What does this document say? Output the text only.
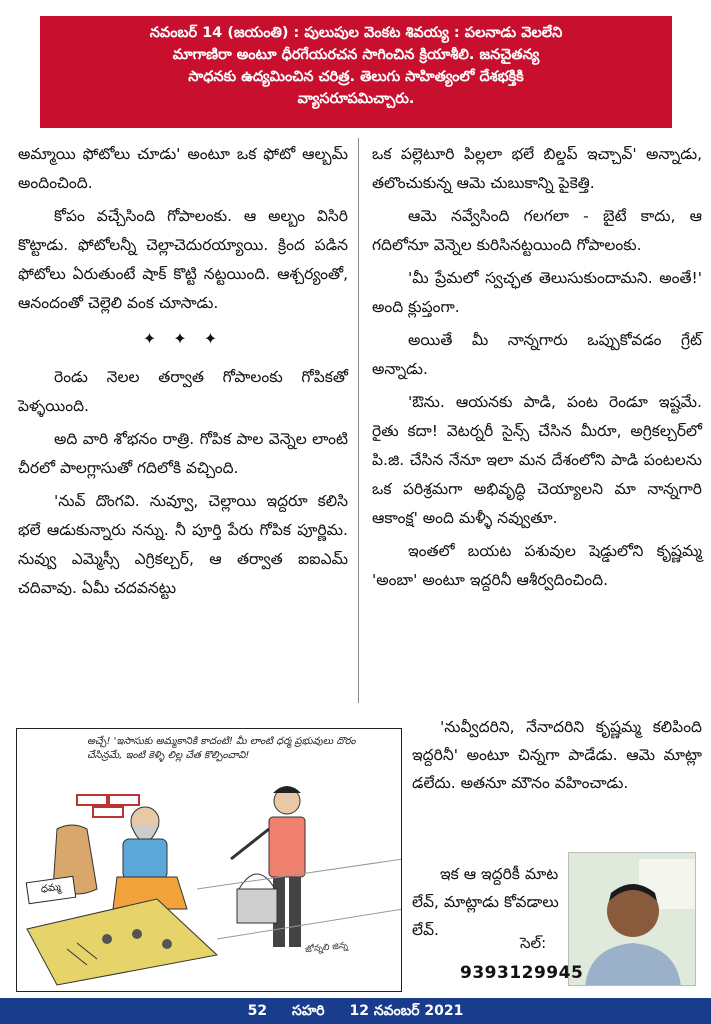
నవంబర్ 14 (జయంతి) : పులుపుల వెంకట శివయ్య : పలనాడు వెలలేని
మాగాణిరా అంటూ ధీరగేయరచన సాగించిన క్రియాశీలి. జనచైతన్య
సాధనకు ఉద్యమించిన చరిత్ర. తెలుగు సాహిత్యంలో దేశభక్తికి
వ్యాసరూపమిచ్చారు.

అమ్మాయి ఫోటోలు చూడు' అంటూ ఒక ఫోటో ఆల్బమ్ అందించింది.

కోపం వచ్చేసింది గోపాలంకు. ఆ అల్బం విసిరి కొట్టాడు. ఫోటోలన్నీ చెల్లాచెదురయ్యాయి. క్రింద పడిన ఫోటోలు ఏరుతుంటే షాక్ కొట్టి నట్టయింది. ఆశ్చర్యంతో, ఆనందంతో చెల్లెలి వంక చూసాడు.

✦ ✦ ✦

రెండు నెలల తర్వాత గోపాలంకు గోపికతో పెళ్ళయింది.

అది వారి శోభనం రాత్రి. గోపిక పాల వెన్నెల లాంటి చీరలో పాలగ్లాసుతో గదిలోకి వచ్చింది.

'నువ్ దొంగవి. నువ్వూ, చెల్లాయి ఇద్దరూ కలిసి భలే ఆడుకున్నారు నన్ను. నీ పూర్తి పేరు గోపిక పూర్ణిమ. నువ్వు ఎమ్మెస్సీ ఎగ్రికల్చర్, ఆ తర్వాత ఐఐఎమ్ చదివావు. ఏమీ చదవనట్టు

ఒక పల్లెటూరి పిల్లలా భలే బిల్డప్ ఇచ్చావ్' అన్నాడు, తలొంచుకున్న ఆమె చుబుకాన్ని పైకెత్తి.

ఆమె నవ్వేసింది గలగలా - బైటే కాదు, ఆ గదిలోనూ వెన్నెల కురిసినట్టయింది గోపాలంకు.

'మీ ప్రేమలో స్వచ్ఛత తెలుసుకుందామని. అంతే!' అంది క్లుప్తంగా.

అయితే మీ నాన్నగారు ఒప్పుకోవడం గ్రేట్ అన్నాడు.

'ఔను. ఆయనకు పాడి, పంట రెండూ ఇష్టమే. రైతు కదా! వెటర్నరీ సైన్స్ చేసిన మీరూ, అగ్రికల్చర్‌లో పి.జి. చేసిన నేనూ ఇలా మన దేశంలోని పాడి పంటలను ఒక పరిశ్రమగా అభివృద్ధి చెయ్యాలని మా నాన్నగారి ఆకాంక్ష' అంది మళ్ళీ నవ్వుతూ.

ఇంతలో బయట పశువుల షెడ్డులోని కృష్ణమ్మ 'అంబా' అంటూ ఇద్దరినీ ఆశీర్వదించింది.

అచ్చే! 'ఇసాసుకు అమ్మకానికి కాదంటి! మీ లాంటి ధర్మ ప్రభువులు దొరం చేసిన్రమే, ఇంటి కెళ్ళి లిల్ల చేత కొల్పించావి!
ధమ్మ
జోన్నలి జిన్న

'నువ్వీదరిని, నేనాదరిని కృష్ణమ్మ కలిపింది ఇద్దరినీ' అంటూ చిన్నగా పాడేడు. ఆమె మాట్లా డలేదు. అతనూ మౌనం వహించాడు.

ఇక ఆ ఇద్దరికీ మాట లేవ్, మాట్లాడు కోవడాలు లేవ్.

సెల్:
9393129945
52 సహరి 12 నవంబర్ 2021
